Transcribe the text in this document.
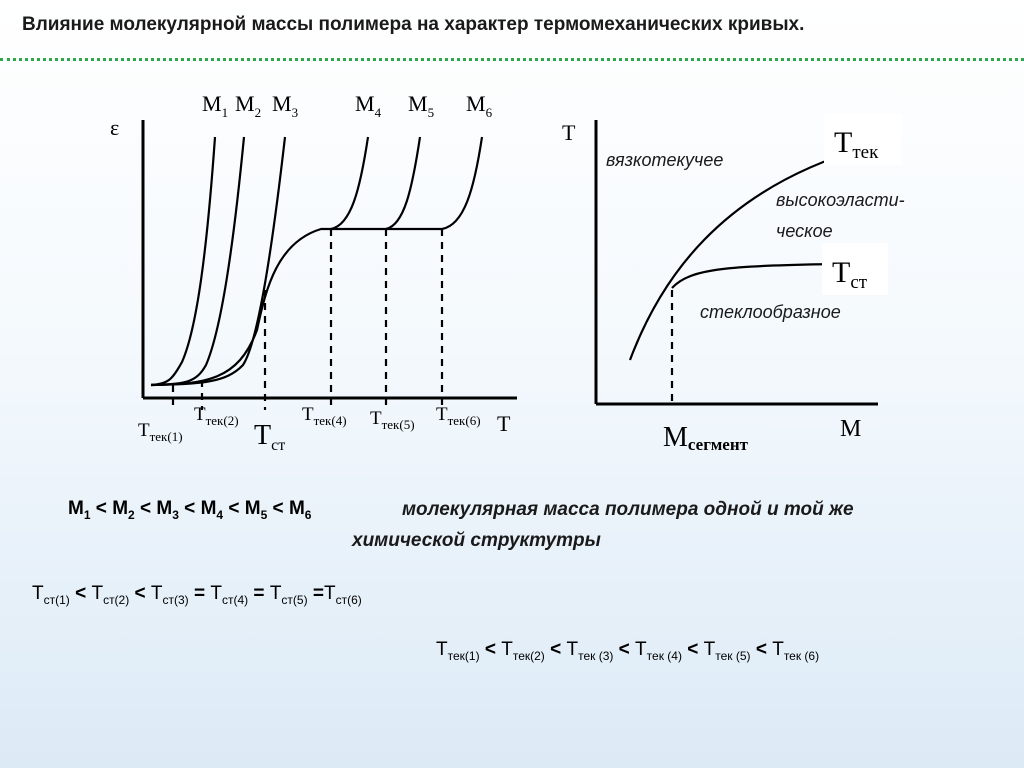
Влияние молекулярной массы полимера на характер термомеханических кривых.
ε
T
$M_1$ $M_2$ $M_3$	$M_4$ $M_5$ $M_6$
$T_{тек(1)}$
$T_{тек(2)}$ $T_{ст}$
$T_{тек(4)}$ $T_{тек(5)}$ $T_{тек(6)}$
T
M
Mсегмент
вязкотекучее
высокоэласти-
ческое
стеклообразное
$T_{тек}$
$T_{ст}$
$M_1 < M_2 < M_3 < M_4 < M_5 < M_6$	молекулярная масса полимера одной и той же
химической структутры
$T_{ст(1)} < T_{ст(2)} < T_{ст(3)} = T_{ст(4)} = T_{ст(5)} =T_{ст(6)}$
$T_{тек(1)} < T_{тек(2)} < T_{тек (3)} < T_{тек (4)} < T_{тек (5)} < T_{тек (6)}$
